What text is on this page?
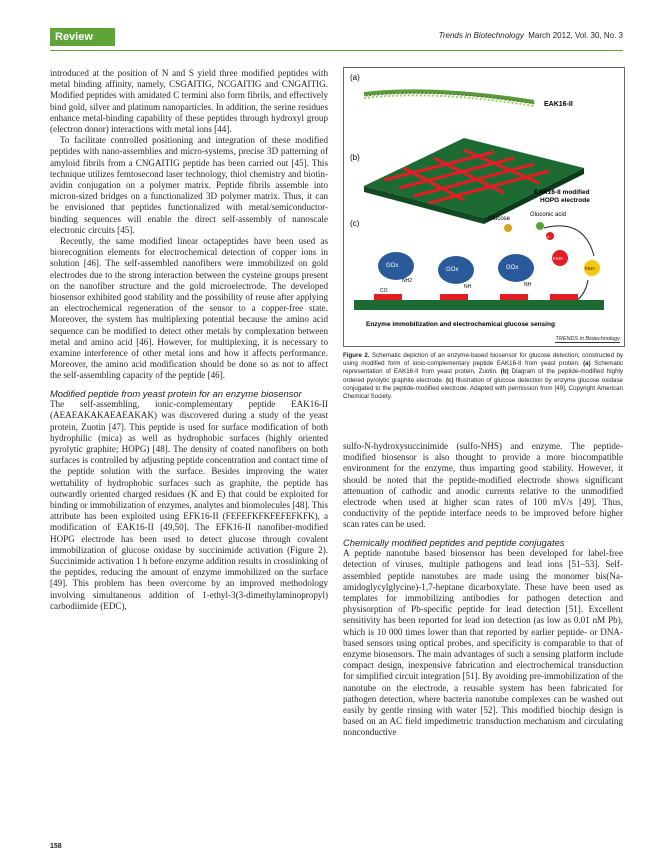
Review	Trends in Biotechnology March 2012, Vol. 30, No. 3

introduced at the position of N and S yield three modified peptides with metal binding affinity, namely, CSGAITIG, NCGAITIG and CNGAITIG. Modified peptides with amidated C termini also form fibrils, and effectively bind gold, silver and platinum nanoparticles. In addition, the serine residues enhance metal-binding capability of these peptides through hydroxyl group (electron donor) interactions with metal ions [44].

To facilitate controlled positioning and integration of these modified peptides with nano-assemblies and micro-systems, precise 3D patterning of amyloid fibrils from a CNGAITIG peptide has been carried out [45]. This technique utilizes femtosecond laser technology, thiol chemistry and biotin-avidin conjugation on a polymer matrix. Peptide fibrils assemble into micron-sized bridges on a functionalized 3D polymer matrix. Thus, it can be envisioned that peptides functionalized with metal/semiconductor-binding sequences will enable the direct self-assembly of nanoscale electronic circuits [45].

Recently, the same modified linear octapeptides have been used as biorecognition elements for electrochemical detection of copper ions in solution [46]. The self-assembled nanofibers were immobilized on gold electrodes due to the strong interaction between the cysteine groups present on the nanofiber structure and the gold microelectrode. The developed biosensor exhibited good stability and the possibility of reuse after applying an electrochemical regeneration of the sensor to a copper-free state. Moreover, the system has multiplexing potential because the amino acid sequence can be modified to detect other metals by complexation between metal and amino acid [46]. However, for multiplexing, it is necessary to examine interference of other metal ions and how it affects performance. Moreover, the amino acid modification should be done so as not to affect the self-assembling capacity of the peptide [46].

Modified peptide from yeast protein for an enzyme biosensor

The self-assembling, ionic-complementary peptide EAK16-II (AEAEAKAKAEAEAKAK) was discovered during a study of the yeast protein, Zuotin [47]. This peptide is used for surface modification of both hydrophilic (mica) as well as hydrophobic surfaces (highly oriented pyrolytic graphite; HOPG) [48]. The density of coated nanofibers on both surfaces is controlled by adjusting peptide concentration and contact time of the peptide solution with the surface. Besides improving the water wettability of hydrophobic surfaces such as graphite, the peptide has outwardly oriented charged residues (K and E) that could be exploited for binding or immobilization of enzymes, analytes and biomolecules [48]. This attribute has been exploited using EFK16-II (FEFEFKFKFEFEFKFK), a modification of EAK16-II [49,50]. The EFK16-II nanofiber-modified HOPG electrode has been used to detect glucose through covalent immobilization of glucose oxidase by succinimide activation (Figure 2). Succinimide activation 1 h before enzyme addition results in crosslinking of the peptides, reducing the amount of enzyme immobilized on the surface [49]. This problem has been overcome by an improved methodology involving simultaneous addition of 1-ethyl-3(3-dimethylaminopropyl) carbodiimide (EDC),

(a)
EAK16-II
(b)
EAK16-II modified
HOPG electrode
(c)	Glucose
Gluconic acid
GOx
GOx	GOx
NH2
NH	NH
CO
Fe3+
Fe2+
e-
Enzyme immobilization and electrochemical glucose sensing
TRENDS in Biotechnology
Figure 2. Schematic depiction of an enzyme-based biosensor for glucose detection; constructed by using modified form of ionic-complementary peptide EAK16-II from yeast protein. (a) Schematic representation of EAK16-II from yeast protein, Zuotin. (b) Diagram of the peptide-modified highly ordered pyrolytic graphite electrode. (c) Illustration of glucose detection by enzyme glucose oxidase conjugated to the peptide-modified electrode. Adapted with permission from [49], Copyright American Chemical Society.

sulfo-N-hydroxysuccinimide (sulfo-NHS) and enzyme. The peptide-modified biosensor is also thought to provide a more biocompatible environment for the enzyme, thus imparting good stability. However, it should be noted that the peptide-modified electrode shows significant attenuation of cathodic and anodic currents relative to the unmodified electrode when used at higher scan rates of 100 mV/s [49]. Thus, conductivity of the peptide interface needs to be improved before higher scan rates can be used.

Chemically modified peptides and peptide conjugates

A peptide nanotube based biosensor has been developed for label-free detection of viruses, multiple pathogens and lead ions [51–53]. Self-assembled peptide nanotubes are made using the monomer bis(Na-amidoglycylglycine)-1,7-heptane dicarboxylate. These have been used as templates for immobilizing antibodies for pathogen detection and physisorption of Pb-specific peptide for lead detection [51]. Excellent sensitivity has been reported for lead ion detection (as low as 0.01 nM Pb), which is 10 000 times lower than that reported by earlier peptide- or DNA-based sensors using optical probes, and specificity is comparable to that of enzyme biosensors. The main advantages of such a sensing platform include compact design, inexpensive fabrication and electrochemical transduction for simplified circuit integration [51]. By avoiding pre-immobilization of the nanotube on the electrode, a reusable system has been fabricated for pathogen detection, where bacteria nanotube complexes can be washed out easily by gentle rinsing with water [52]. This modified biochip design is based on an AC field impedimetric transduction mechanism and circulating nonconductive

158
